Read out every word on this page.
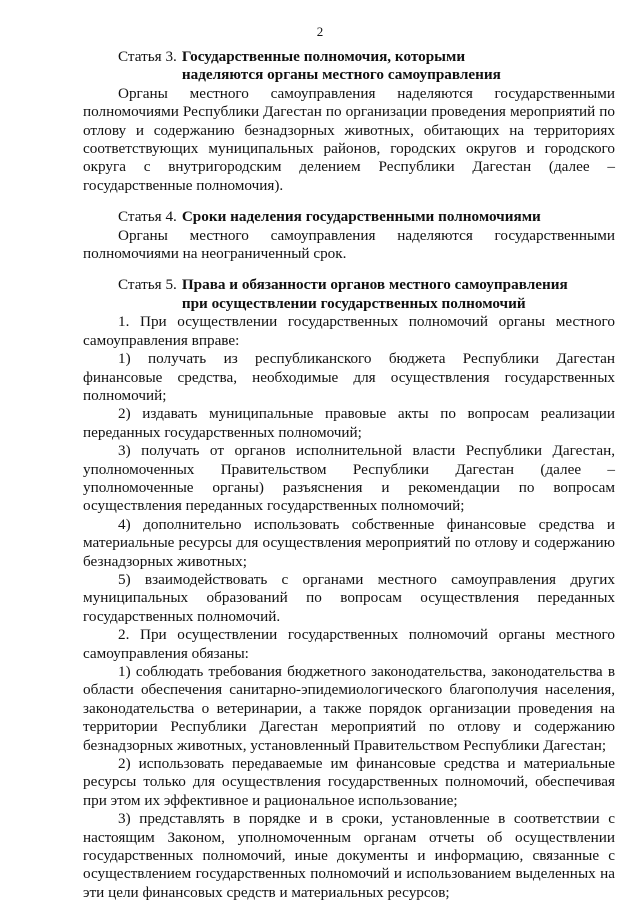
2
Статья 3. Государственные полномочия, которыми
наделяются органы местного самоуправления

Органы местного самоуправления наделяются государственными полномочиями Республики Дагестан по организации проведения мероприятий по отлову и содержанию безнадзорных животных, обитающих на территориях соответствующих муниципальных районов, городских округов и городского округа с внутригородским делением Республики Дагестан (далее – государственные полномочия).

Статья 4. Сроки наделения государственными полномочиями

Органы местного самоуправления наделяются государственными полномочиями на неограниченный срок.

Статья 5. Права и обязанности органов местного самоуправления
при осуществлении государственных полномочий

1. При осуществлении государственных полномочий органы местного самоуправления вправе:

1) получать из республиканского бюджета Республики Дагестан финансовые средства, необходимые для осуществления государственных полномочий;

2) издавать муниципальные правовые акты по вопросам реализации переданных государственных полномочий;

3) получать от органов исполнительной власти Республики Дагестан, уполномоченных Правительством Республики Дагестан (далее – уполномоченные органы) разъяснения и рекомендации по вопросам осуществления переданных государственных полномочий;

4) дополнительно использовать собственные финансовые средства и материальные ресурсы для осуществления мероприятий по отлову и содержанию безнадзорных животных;

5) взаимодействовать с органами местного самоуправления других муниципальных образований по вопросам осуществления переданных государственных полномочий.

2. При осуществлении государственных полномочий органы местного самоуправления обязаны:

1) соблюдать требования бюджетного законодательства, законодательства в области обеспечения санитарно-эпидемиологического благополучия населения, законодательства о ветеринарии, а также порядок организации проведения на территории Республики Дагестан мероприятий по отлову и содержанию безнадзорных животных, установленный Правительством Республики Дагестан;

2) использовать передаваемые им финансовые средства и материальные ресурсы только для осуществления государственных полномочий, обеспечивая при этом их эффективное и рациональное использование;

3) представлять в порядке и в сроки, установленные в соответствии с настоящим Законом, уполномоченным органам отчеты об осуществлении государственных полномочий, иные документы и информацию, связанные с осуществлением государственных полномочий и использованием выделенных на эти цели финансовых средств и материальных ресурсов;
